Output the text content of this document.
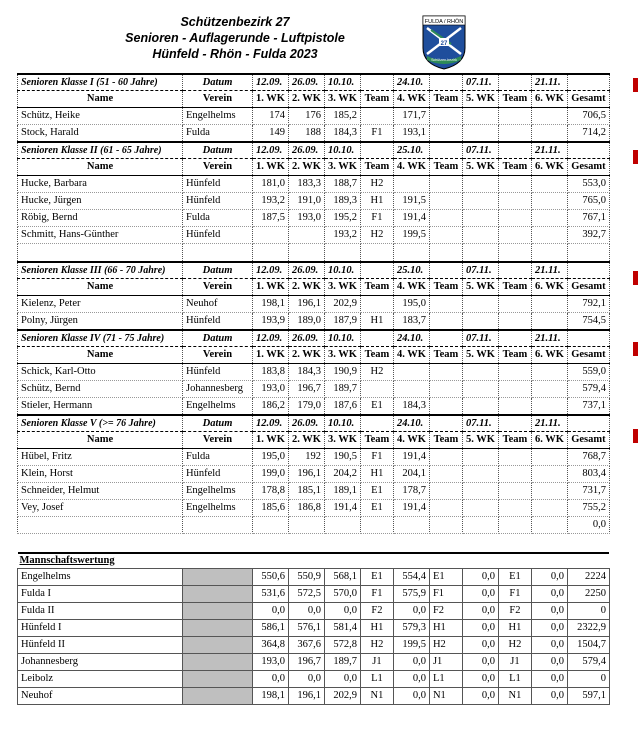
Schützenbezirk 27
Senioren - Auflagerunde - Luftpistole
Hünfeld - Rhön - Fulda 2023
FULDA / RHÖN
27
Schützen-bezirk
Senioren Klasse I (51 - 60 Jahre)	Datum	12.09.	26.09.	10.10.		24.10.		07.11.		21.11.	
Name	Verein	1. WK	2. WK	3. WK	Team	4. WK	Team	5. WK	Team	6. WK	Gesamt
Schütz, Heike	Engelhelms	174	176	185,2		171,7					706,5
Stock, Harald	Fulda	149	188	184,3	F1	193,1					714,2
Senioren Klasse II (61 - 65 Jahre)	Datum	12.09.	26.09.	10.10.		25.10.		07.11.		21.11.	
Name	Verein	1. WK	2. WK	3. WK	Team	4. WK	Team	5. WK	Team	6. WK	Gesamt
Hucke, Barbara	Hünfeld	181,0	183,3	188,7	H2						553,0
Hucke, Jürgen	Hünfeld	193,2	191,0	189,3	H1	191,5					765,0
Röbig, Bernd	Fulda	187,5	193,0	195,2	F1	191,4					767,1
Schmitt, Hans-Günther	Hünfeld			193,2	H2	199,5					392,7

Senioren Klasse III (66 - 70 Jahre)	Datum	12.09.	26.09.	10.10.		25.10.		07.11.		21.11.	
Name	Verein	1. WK	2. WK	3. WK	Team	4. WK	Team	5. WK	Team	6. WK	Gesamt
Kielenz, Peter	Neuhof	198,1	196,1	202,9		195,0					792,1
Polny, Jürgen	Hünfeld	193,9	189,0	187,9	H1	183,7					754,5
Senioren Klasse IV (71 - 75 Jahre)	Datum	12.09.	26.09.	10.10.		24.10.		07.11.		21.11.	
Name	Verein	1. WK	2. WK	3. WK	Team	4. WK	Team	5. WK	Team	6. WK	Gesamt
Schick, Karl-Otto	Hünfeld	183,8	184,3	190,9	H2						559,0
Schütz, Bernd	Johannesberg	193,0	196,7	189,7							579,4
Stieler, Hermann	Engelhelms	186,2	179,0	187,6	E1	184,3					737,1
Senioren Klasse V (>= 76 Jahre)	Datum	12.09.	26.09.	10.10.		24.10.		07.11.		21.11.	
Name	Verein	1. WK	2. WK	3. WK	Team	4. WK	Team	5. WK	Team	6. WK	Gesamt
Hübel, Fritz	Fulda	195,0	192	190,5	F1	191,4					768,7
Klein, Horst	Hünfeld	199,0	196,1	204,2	H1	204,1					803,4
Schneider, Helmut	Engelhelms	178,8	185,1	189,1	E1	178,7					731,7
Vey, Josef	Engelhelms	185,6	186,8	191,4	E1	191,4					755,2
											0,0

Mannschaftswertung											
Engelhelms		550,6	550,9	568,1	E1	554,4	E1	0,0	E1	0,0	2224
Fulda I		531,6	572,5	570,0	F1	575,9	F1	0,0	F1	0,0	2250
Fulda II		0,0	0,0	0,0	F2	0,0	F2	0,0	F2	0,0	0
Hünfeld I		586,1	576,1	581,4	H1	579,3	H1	0,0	H1	0,0	2322,9
Hünfeld II		364,8	367,6	572,8	H2	199,5	H2	0,0	H2	0,0	1504,7
Johannesberg		193,0	196,7	189,7	J1	0,0	J1	0,0	J1	0,0	579,4
Leibolz		0,0	0,0	0,0	L1	0,0	L1	0,0	L1	0,0	0
Neuhof		198,1	196,1	202,9	N1	0,0	N1	0,0	N1	0,0	597,1
